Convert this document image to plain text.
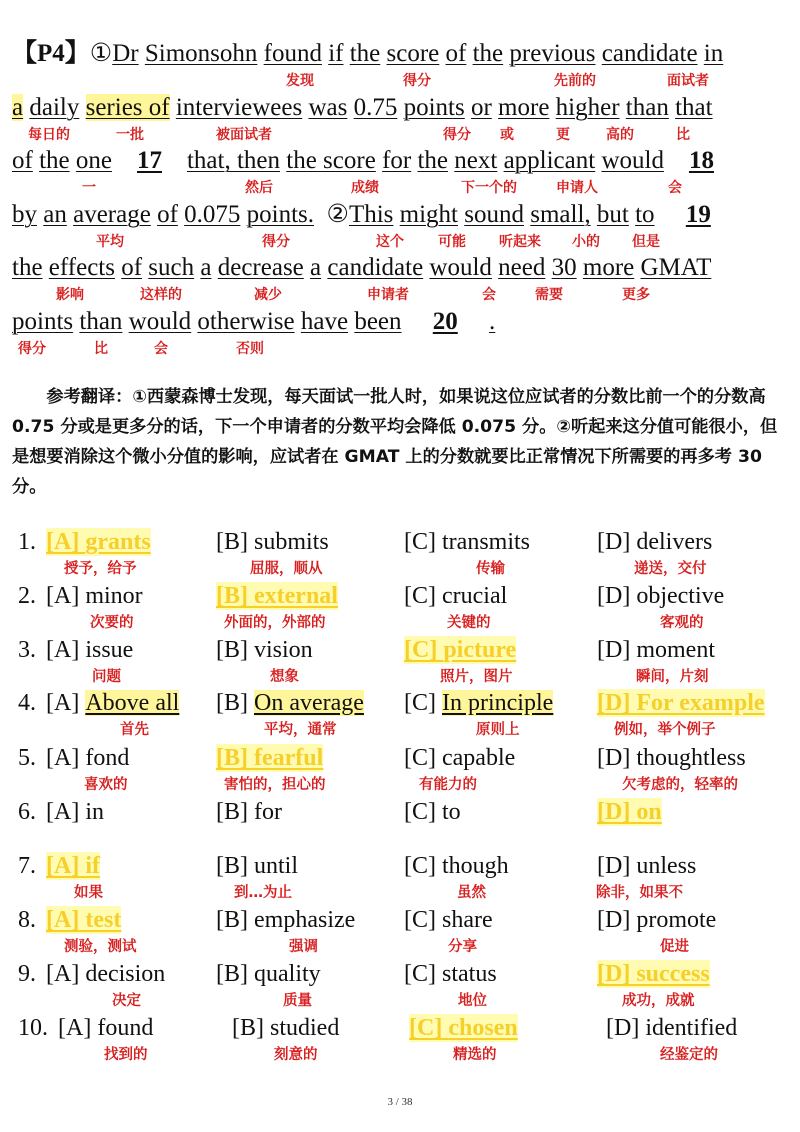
【P4】①Dr Simonsohn found if the score of the previous candidate in
发现	得分	先前的	面试者
a daily series of interviewees was 0.75 points or more higher than that
每日的	一批	被面试者	得分 或	更	高的	比
of the one 17 that, then the score for the next applicant would 18
一	然后	成绩	下一个的	申请人	会
by an average of 0.075 points.  ②This might sound small, but to 19
平均	得分	这个 可能 听起来 小的 但是
the effects of such a decrease a candidate would need 30 more GMAT
影响	这样的	减少	申请者	会	需要	更多
points than would otherwise have been 20 .
得分	比	会	否则

参考翻译：①西蒙森博士发现，每天面试一批人时，如果说这位应试者的分数比前一个的分数高 0.75 分或是更多分的话，下一个申请者的分数平均会降低 0.075 分。②听起来这分值可能很小，但是想要消除这个微小分值的影响，应试者在 GMAT 上的分数就要比正常情况下所需要的再多考 30 分。

1. [A] grants
授予，给予
[B] submits
屈服，顺从
[C] transmits
传输
[D] delivers
递送，交付
2. [A] minor
次要的
[B] external
外面的，外部的
[C] crucial
关键的
[D] objective
客观的
3. [A] issue
问题
[B] vision
想象
[C] picture
照片，图片
[D] moment
瞬间，片刻
4. [A] Above all
首先
[B] On average
平均，通常
[C] In principle
原则上
[D] For example
例如，举个例子
5. [A] fond
喜欢的
[B] fearful
害怕的，担心的
[C] capable
有能力的
[D] thoughtless
欠考虑的，轻率的
6. [A] in	[B] for	[C] to	[D] on
7. [A] if
如果
[B] until
到…为止
[C] though
虽然
[D] unless
除非，如果不
8. [A] test
测验，测试
[B] emphasize
强调
[C] share
分享
[D] promote
促进
9. [A] decision
决定
[B] quality
质量
[C] status
地位
[D] success
成功，成就
10. [A] found
找到的
[B] studied
刻意的
[C] chosen
精选的
[D] identified
经鉴定的
3 / 38
